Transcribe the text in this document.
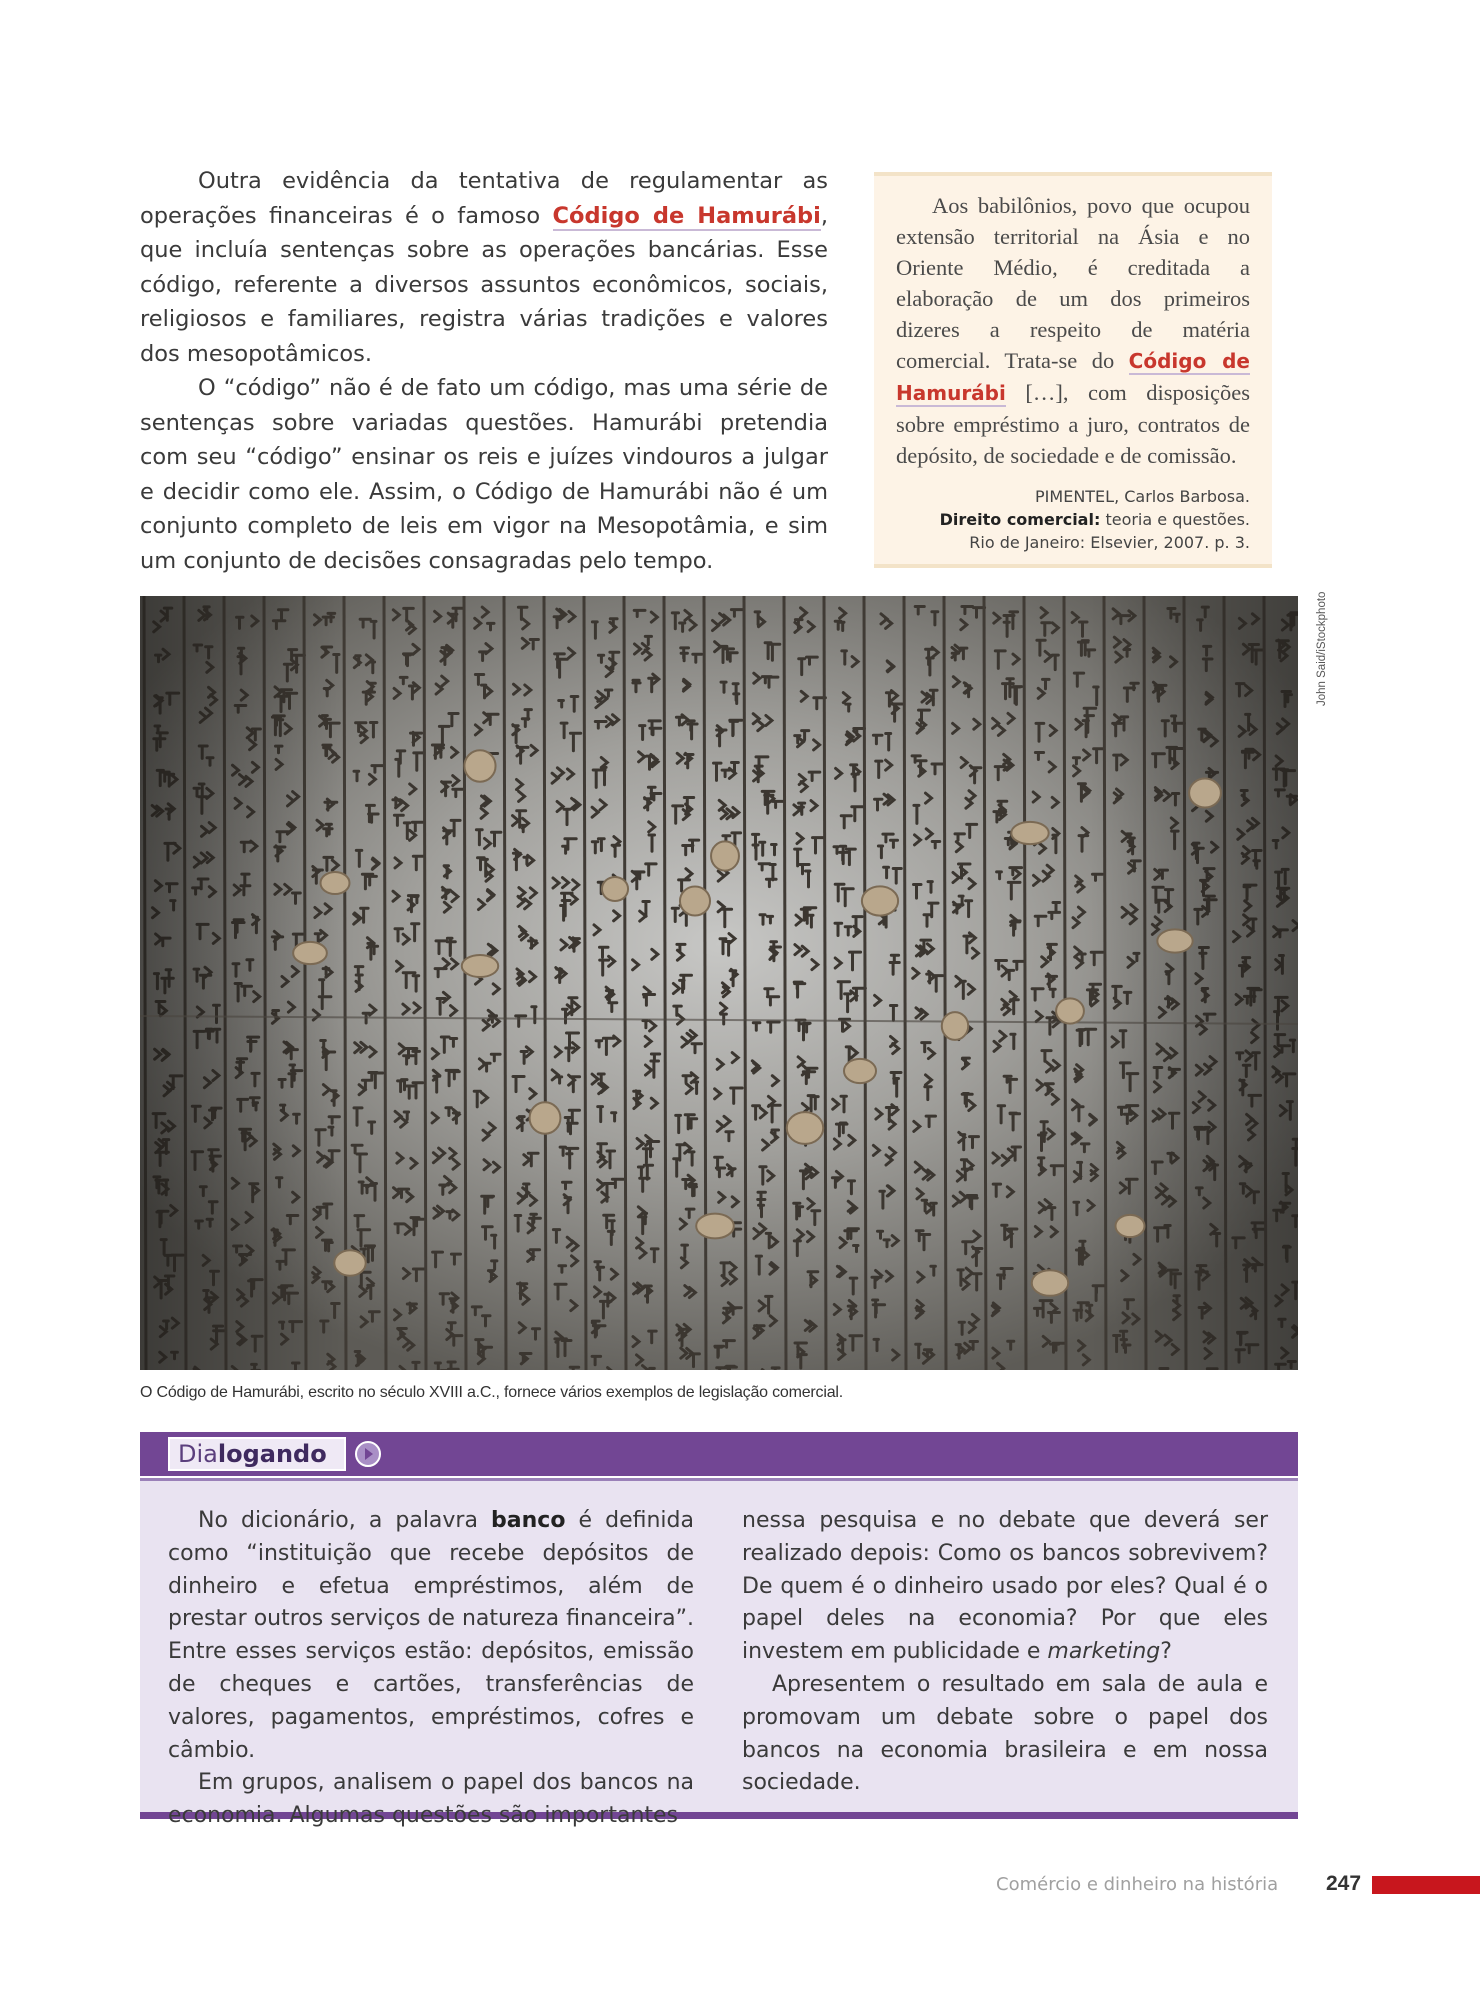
Outra evidência da tentativa de regulamentar as operações financeiras é o famoso Código de Hamurábi, que incluía sentenças sobre as operações bancárias. Esse código, referente a diversos assuntos econômicos, sociais, religiosos e familiares, registra várias tradições e valores dos mesopotâmicos.

O “código” não é de fato um código, mas uma série de sentenças sobre variadas questões. Hamurábi pretendia com seu “código” ensinar os reis e juízes vindouros a julgar e decidir como ele. Assim, o Código de Hamurábi não é um conjunto completo de leis em vigor na Mesopotâmia, e sim um conjunto de decisões consagradas pelo tempo.

Aos babilônios, povo que ocupou extensão territorial na Ásia e no Oriente Médio, é creditada a elaboração de um dos primeiros dizeres a respeito de matéria comercial. Trata-se do Código de Hamurábi […], com disposições sobre empréstimo a juro, contratos de depósito, de sociedade e de comissão.

PIMENTEL, Carlos Barbosa.
Direito comercial: teoria e questões.
Rio de Janeiro: Elsevier, 2007. p. 3.
John Said/iStockphoto
O Código de Hamurábi, escrito no século XVIII a.C., fornece vários exemplos de legislação comercial.
Dialogando

No dicionário, a palavra banco é definida como “instituição que recebe depósitos de dinheiro e efetua empréstimos, além de prestar outros serviços de natureza financeira”. Entre esses serviços estão: depósitos, emissão de cheques e cartões, transferências de valores, pagamentos, empréstimos, cofres e câmbio.

Em grupos, analisem o papel dos bancos na economia. Algumas questões são importantes

nessa pesquisa e no debate que deverá ser realizado depois: Como os bancos sobrevivem? De quem é o dinheiro usado por eles? Qual é o papel deles na economia? Por que eles investem em publicidade e marketing?

Apresentem o resultado em sala de aula e promovam um debate sobre o papel dos bancos na economia brasileira e em nossa sociedade.

Comércio e dinheiro na história 247
